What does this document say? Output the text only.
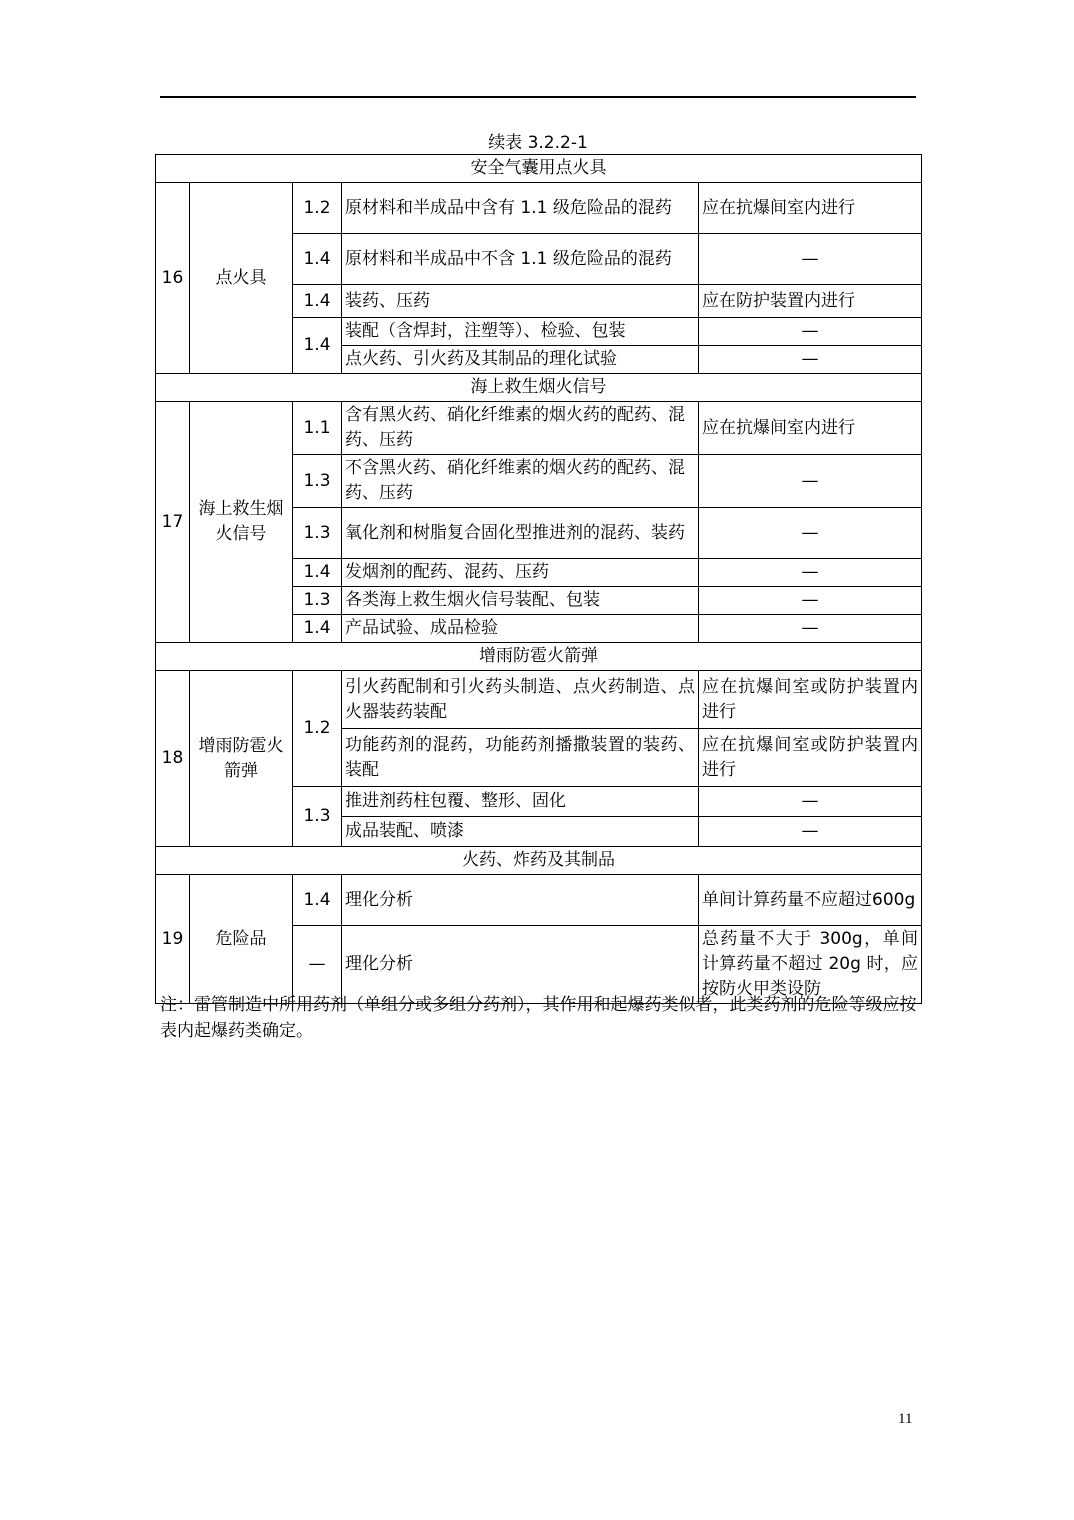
续表 3.2.2-1
安全气囊用点火具				
16	点火具	1.2	原材料和半成品中含有 1.1 级危险品的混药	应在抗爆间室内进行
		1.4	原材料和半成品中不含 1.1 级危险品的混药	—
		1.4	装药、压药	应在防护装置内进行
		1.4	装配（含焊封，注塑等）、检验、包装	—
			点火药、引火药及其制品的理化试验	—
海上救生烟火信号				
17	海上救生烟火信号	1.1	含有黑火药、硝化纤维素的烟火药的配药、混药、压药	应在抗爆间室内进行
		1.3	不含黑火药、硝化纤维素的烟火药的配药、混药、压药	—
		1.3	氧化剂和树脂复合固化型推进剂的混药、装药	—
		1.4	发烟剂的配药、混药、压药	—
		1.3	各类海上救生烟火信号装配、包装	—
		1.4	产品试验、成品检验	—
增雨防雹火箭弹				
18	增雨防雹火箭弹	1.2	引火药配制和引火药头制造、点火药制造、点火器装药装配	应在抗爆间室或防护装置内进行
			功能药剂的混药，功能药剂播撒装置的装药、装配	应在抗爆间室或防护装置内进行
		1.3	推进剂药柱包覆、整形、固化	—
			成品装配、喷漆	—
火药、炸药及其制品				
19	危险品	1.4	理化分析	单间计算药量不应超过600g
		—	理化分析	总药量不大于 300g，单间计算药量不超过 20g 时，应按防火甲类设防
注：雷管制造中所用药剂（单组分或多组分药剂），其作用和起爆药类似者，此类药剂的危险等级应按表内起爆药类确定。
11
